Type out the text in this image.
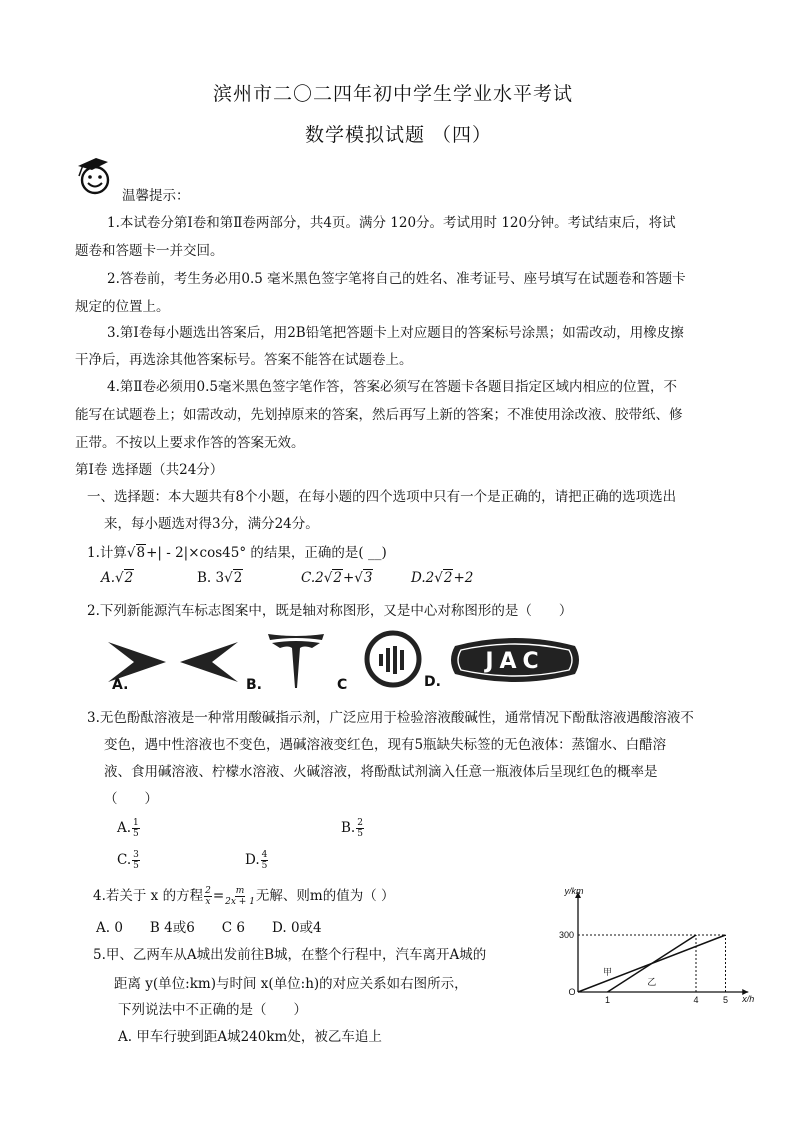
滨州市二〇二四年初中学生学业水平考试
数学模拟试题 （四）
温馨提示：
1.本试卷分第Ⅰ卷和第Ⅱ卷两部分，共4页。满分 120分。考试用时 120分钟。考试结束后，将试
题卷和答题卡一并交回。
2.答卷前，考生务必用0.5 毫米黑色签字笔将自己的姓名、准考证号、座号填写在试题卷和答题卡
规定的位置上。
3.第Ⅰ卷每小题选出答案后，用2B铅笔把答题卡上对应题目的答案标号涂黑；如需改动，用橡皮擦
干净后，再选涂其他答案标号。答案不能答在试题卷上。
4.第Ⅱ卷必须用0.5毫米黑色签字笔作答，答案必须写在答题卡各题目指定区域内相应的位置，不
能写在试题卷上；如需改动，先划掉原来的答案，然后再写上新的答案；不准使用涂改液、胶带纸、修
正带。不按以上要求作答的答案无效。
第Ⅰ卷 选择题（共24分）
一、选择题：本大题共有8个小题，在每小题的四个选项中只有一个是正确的，请把正确的选项选出
来，每小题选对得3分，满分24分。
1.计算√8+| - 2|×cos45° 的结果，正确的是( __)
A.√2	B. 3√2	C.2√2+√3	D.2√2+2
2.下列新能源汽车标志图案中，既是轴对称图形，又是中心对称图形的是（　　）
A.	B.	C
JAC
D.
3.无色酚酞溶液是一种常用酸碱指示剂，广泛应用于检验溶液酸碱性，通常情况下酚酞溶液遇酸溶液不
变色，遇中性溶液也不变色，遇碱溶液变红色，现有5瓶缺失标签的无色液体：蒸馏水、白醋溶
液、食用碱溶液、柠檬水溶液、火碱溶液，将酚酞试剂滴入任意一瓶液体后呈现红色的概率是
（　　）
A. $\frac{1}{5}$	B. $\frac{2}{5}$
C. $\frac{3}{5}$	D. $\frac{4}{5}$
4.若关于 x 的方程 $\frac{2}{x} = \frac{m}{2x + 1}$ 无解、则m的值为（ ）
A. 0　　B 4或6　　C 6　　D. 0或4
5.甲、乙两车从A城出发前往B城，在整个行程中，汽车离开A城的
距离 y(单位:km)与时间 x(单位:h)的对应关系如右图所示，
下列说法中不正确的是（　　）
A. 甲车行驶到距A城240km处，被乙车追上
y/km
x/h
O
1	4	5
300
甲
乙
